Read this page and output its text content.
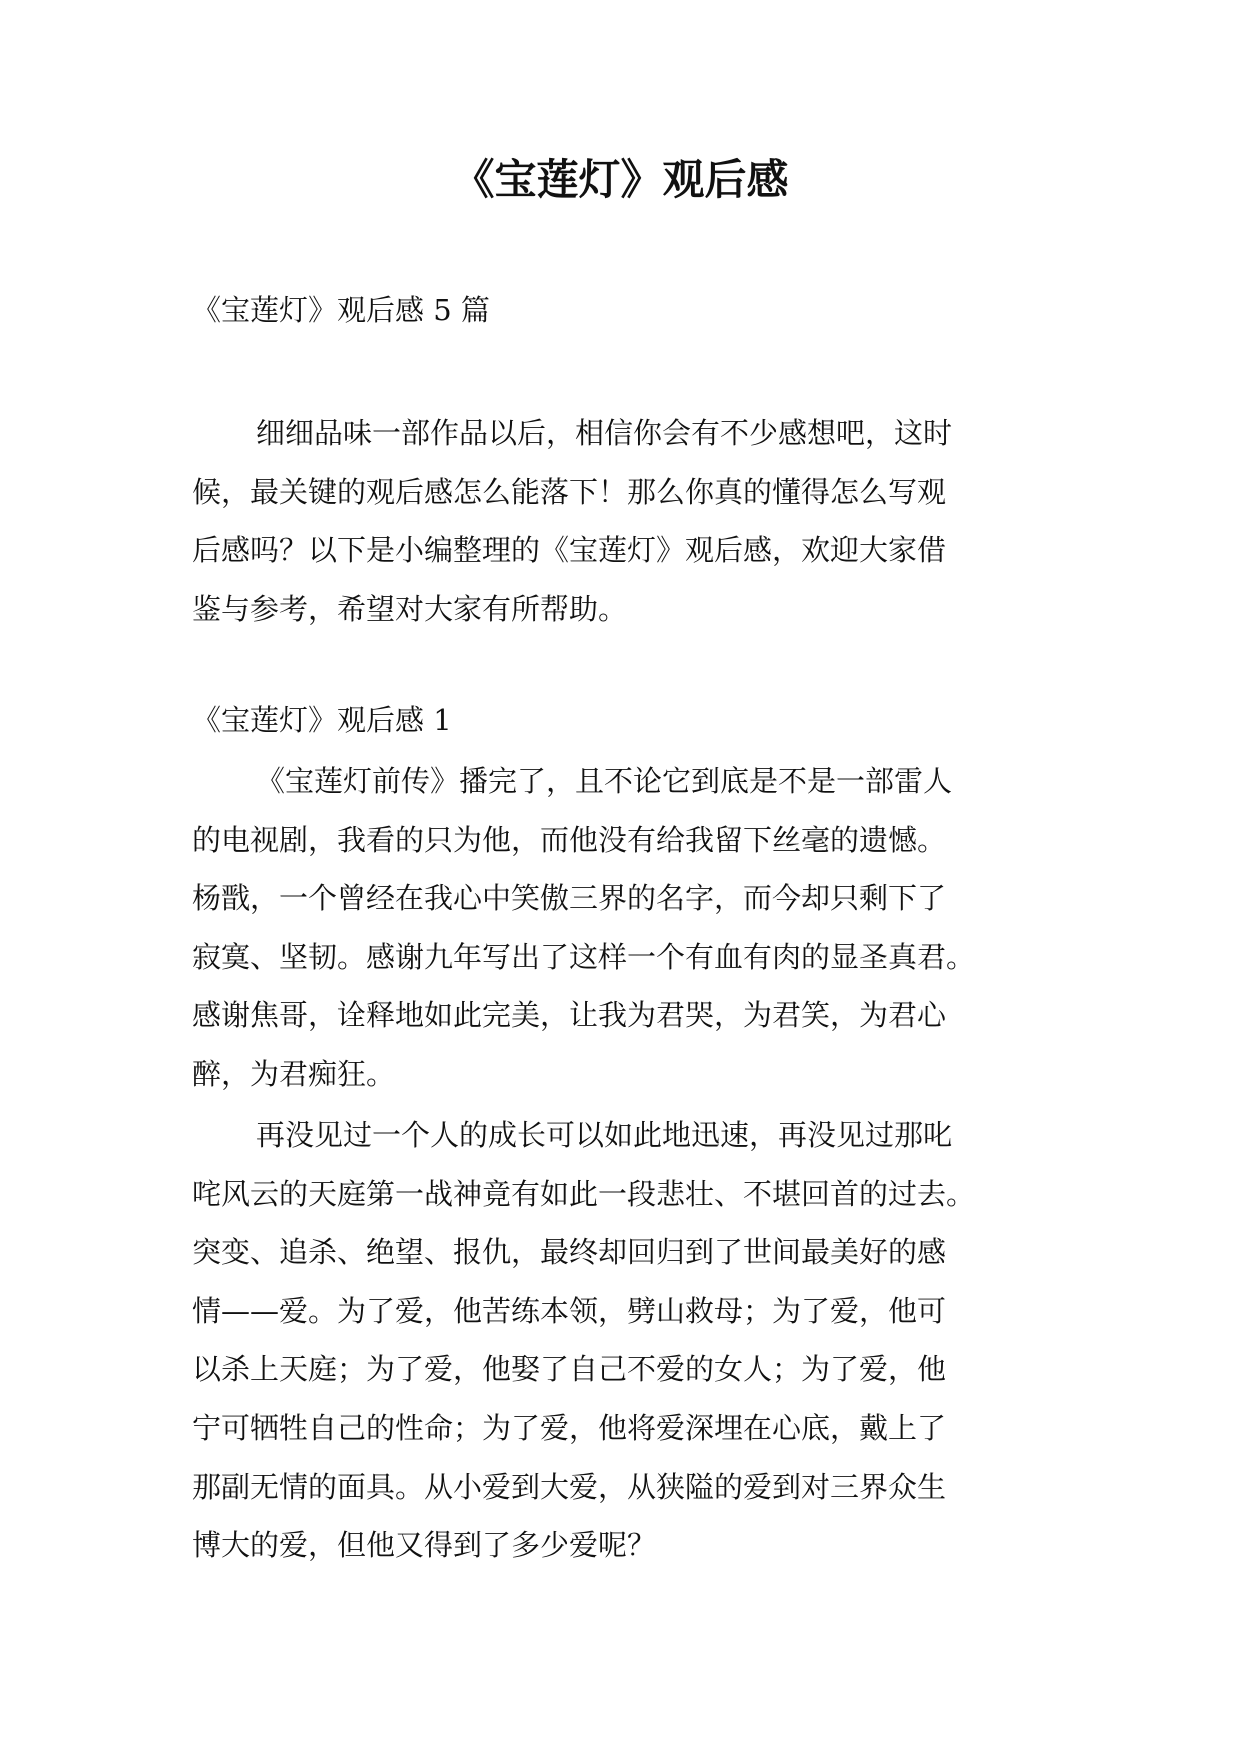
《宝莲灯》观后感

《宝莲灯》观后感 5 篇

细细品味一部作品以后，相信你会有不少感想吧，这时
候，最关键的观后感怎么能落下！那么你真的懂得怎么写观
后感吗？以下是小编整理的《宝莲灯》观后感，欢迎大家借
鉴与参考，希望对大家有所帮助。

《宝莲灯》观后感 1

《宝莲灯前传》播完了，且不论它到底是不是一部雷人
的电视剧，我看的只为他，而他没有给我留下丝毫的遗憾。
杨戬，一个曾经在我心中笑傲三界的名字，而今却只剩下了
寂寞、坚韧。感谢九年写出了这样一个有血有肉的显圣真君。
感谢焦哥，诠释地如此完美，让我为君哭，为君笑，为君心
醉，为君痴狂。
再没见过一个人的成长可以如此地迅速，再没见过那叱
咤风云的天庭第一战神竟有如此一段悲壮、不堪回首的过去。
突变、追杀、绝望、报仇，最终却回归到了世间最美好的感
情——爱。为了爱，他苦练本领，劈山救母；为了爱，他可
以杀上天庭；为了爱，他娶了自己不爱的女人；为了爱，他
宁可牺牲自己的性命；为了爱，他将爱深埋在心底，戴上了
那副无情的面具。从小爱到大爱，从狭隘的爱到对三界众生
博大的爱，但他又得到了多少爱呢？
